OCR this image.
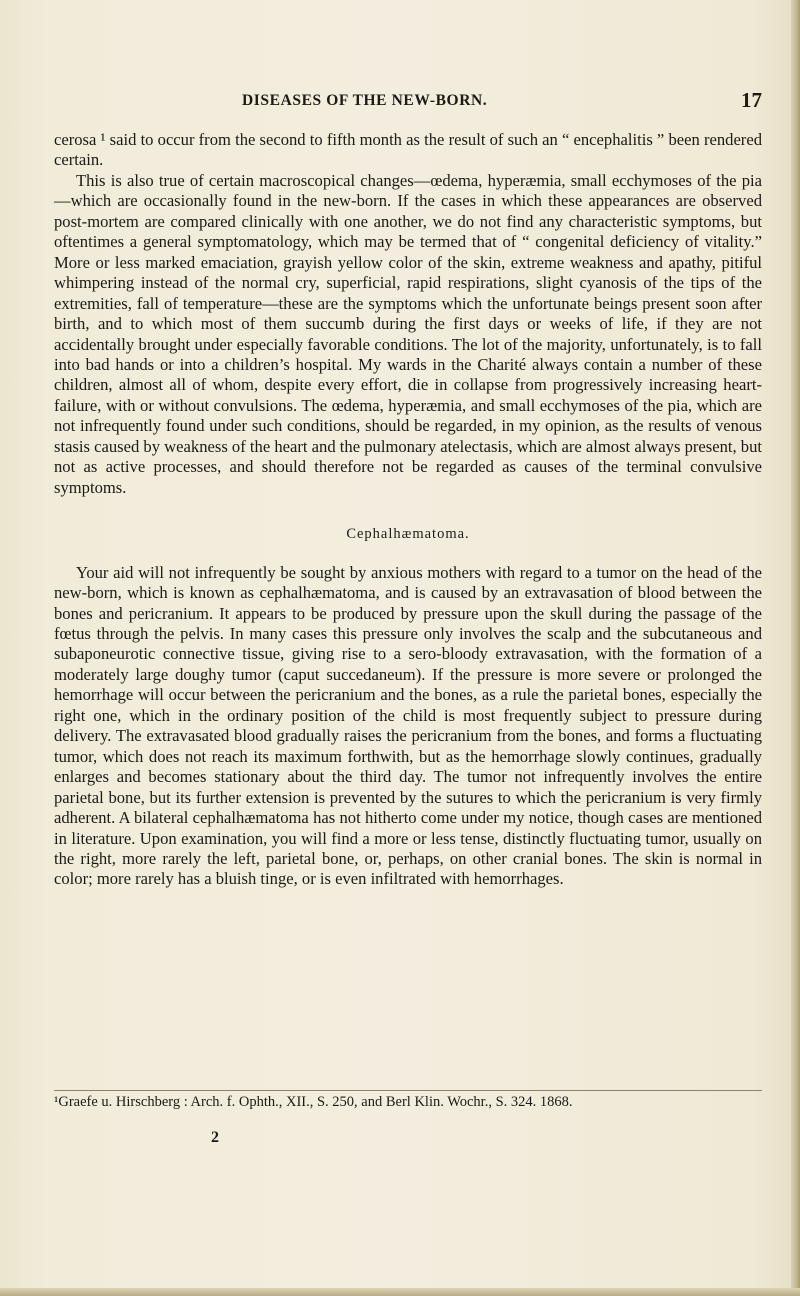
DISEASES OF THE NEW-BORN.	17

cerosa ¹ said to occur from the second to fifth month as the result of such an “ encephalitis ” been rendered certain.

This is also true of certain macroscopical changes—œdema, hyperæmia, small ecchymoses of the pia—which are occasionally found in the new-born. If the cases in which these appearances are observed post-mortem are compared clinically with one another, we do not find any characteristic symptoms, but oftentimes a general symptomatology, which may be termed that of “ congenital deficiency of vitality.” More or less marked emaciation, grayish yellow color of the skin, extreme weakness and apathy, pitiful whimpering instead of the normal cry, superficial, rapid respirations, slight cyanosis of the tips of the extremities, fall of temperature—these are the symptoms which the unfortunate beings present soon after birth, and to which most of them succumb during the first days or weeks of life, if they are not accidentally brought under especially favorable conditions. The lot of the majority, unfortunately, is to fall into bad hands or into a children’s hospital. My wards in the Charité always contain a number of these children, almost all of whom, despite every effort, die in collapse from progressively increasing heart-failure, with or without convulsions. The œdema, hyperæmia, and small ecchymoses of the pia, which are not infrequently found under such conditions, should be regarded, in my opinion, as the results of venous stasis caused by weakness of the heart and the pulmonary atelectasis, which are almost always present, but not as active processes, and should therefore not be regarded as causes of the terminal convulsive symptoms.

Cephalhæmatoma.

Your aid will not infrequently be sought by anxious mothers with regard to a tumor on the head of the new-born, which is known as cephalhæmatoma, and is caused by an extravasation of blood between the bones and pericranium. It appears to be produced by pressure upon the skull during the passage of the fœtus through the pelvis. In many cases this pressure only involves the scalp and the subcutaneous and subaponeurotic connective tissue, giving rise to a sero-bloody extravasation, with the formation of a moderately large doughy tumor (caput succedaneum). If the pressure is more severe or prolonged the hemorrhage will occur between the pericranium and the bones, as a rule the parietal bones, especially the right one, which in the ordinary position of the child is most frequently subject to pressure during delivery. The extravasated blood gradually raises the pericranium from the bones, and forms a fluctuating tumor, which does not reach its maximum forthwith, but as the hemorrhage slowly continues, gradually enlarges and becomes stationary about the third day. The tumor not infrequently involves the entire parietal bone, but its further extension is prevented by the sutures to which the pericranium is very firmly adherent. A bilateral cephalhæmatoma has not hitherto come under my notice, though cases are mentioned in literature. Upon examination, you will find a more or less tense, distinctly fluctuating tumor, usually on the right, more rarely the left, parietal bone, or, perhaps, on other cranial bones. The skin is normal in color; more rarely has a bluish tinge, or is even infiltrated with hemorrhages.

¹Graefe u. Hirschberg : Arch. f. Ophth., XII., S. 250, and Berl Klin. Wochr., S. 324. 1868.
2
